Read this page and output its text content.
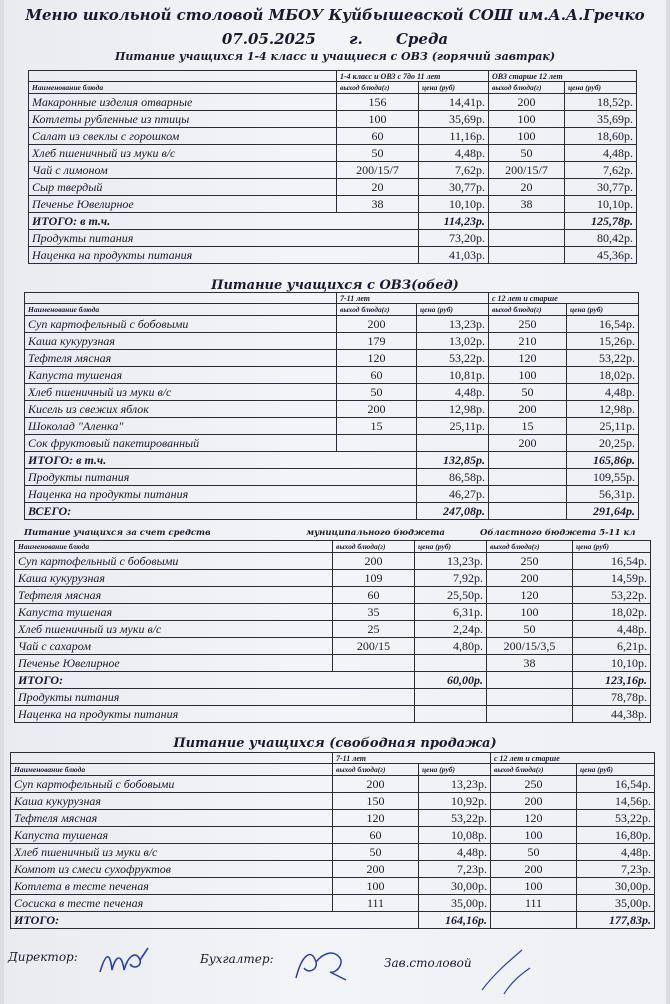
Меню школьной столовой МБОУ Куйбышевской СОШ им.А.А.Гречко
07.05.2025 г. Среда
Питание учащихся 1-4 класс и учащиеся с ОВЗ (горячий завтрак)
	1-4 класс и ОВЗ с 7до 11 лет		ОВЗ старше 12 лет	
Наименование блюда	выход блюда(г)	цена (руб)	выход блюда(г)	цена (руб)
Макаронные изделия отварные	156	14,41р.	200	18,52р.
Котлеты рубленные из птицы	100	35,69р.	100	35,69р.
Салат из свеклы с горошком	60	11,16р.	100	18,60р.
Хлеб пшеничный из муки в/с	50	4,48р.	50	4,48р.
Чай с лимоном	200/15/7	7,62р.	200/15/7	7,62р.
Сыр твердый	20	30,77р.	20	30,77р.
Печенье Ювелирное	38	10,10р.	38	10,10р.
ИТОГО: в т.ч.		114,23р.		125,78р.
Продукты питания		73,20р.		80,42р.
Наценка на продукты питания		41,03р.		45,36р.
Питание учащихся с ОВЗ(обед)
	7-11 лет		с 12 лет и старше	
Наименование блюда	выход блюда(г)	цена (руб)	выход блюда(г)	цена (руб)
Суп картофельный с бобовыми	200	13,23р.	250	16,54р.
Каша кукурузная	179	13,02р.	210	15,26р.
Тефтеля мясная	120	53,22р.	120	53,22р.
Капуста тушеная	60	10,81р.	100	18,02р.
Хлеб пшеничный из муки в/с	50	4,48р.	50	4,48р.
Кисель из свежих яблок	200	12,98р.	200	12,98р.
Шоколад "Аленка"	15	25,11р.	15	25,11р.
Сок фруктовый пакетированный			200	20,25р.
ИТОГО: в т.ч.		132,85р.		165,86р.
Продукты питания		86,58р.		109,55р.
Наценка на продукты питания		46,27р.		56,31р.
ВСЕГО:		247,08р.		291,64р.
Питание учащихся за счет средств	муниципального бюджета	Областного бюджета 5-11 кл
Наименование блюда	выход блюда(г)	цена (руб)	выход блюда(г)	цена (руб)
Суп картофельный с бобовыми	200	13,23р.	250	16,54р.
Каша кукурузная	109	7,92р.	200	14,59р.
Тефтеля мясная	60	25,50р.	120	53,22р.
Капуста тушеная	35	6,31р.	100	18,02р.
Хлеб пшеничный из муки в/с	25	2,24р.	50	4,48р.
Чай с сахаром	200/15	4,80р.	200/15/3,5	6,21р.
Печенье Ювелирное			38	10,10р.
ИТОГО:		60,00р.		123,16р.
Продукты питания				78,78р.
Наценка на продукты питания				44,38р.
Питание учащихся (свободная продажа)
	7-11 лет		с 12 лет и старше	
Наименование блюда	выход блюда(г)	цена (руб)	выход блюда(г)	цена (руб)
Суп картофельный с бобовыми	200	13,23р.	250	16,54р.
Каша кукурузная	150	10,92р.	200	14,56р.
Тефтеля мясная	120	53,22р.	120	53,22р.
Капуста тушеная	60	10,08р.	100	16,80р.
Хлеб пшеничный из муки в/с	50	4,48р.	50	4,48р.
Компот из смеси сухофруктов	200	7,23р.	200	7,23р.
Котлета в тесте печеная	100	30,00р.	100	30,00р.
Сосиска в тесте печеная	111	35,00р.	111	35,00р.
ИТОГО:		164,16р.		177,83р.
Директор:	Бухгалтер:	Зав.столовой
